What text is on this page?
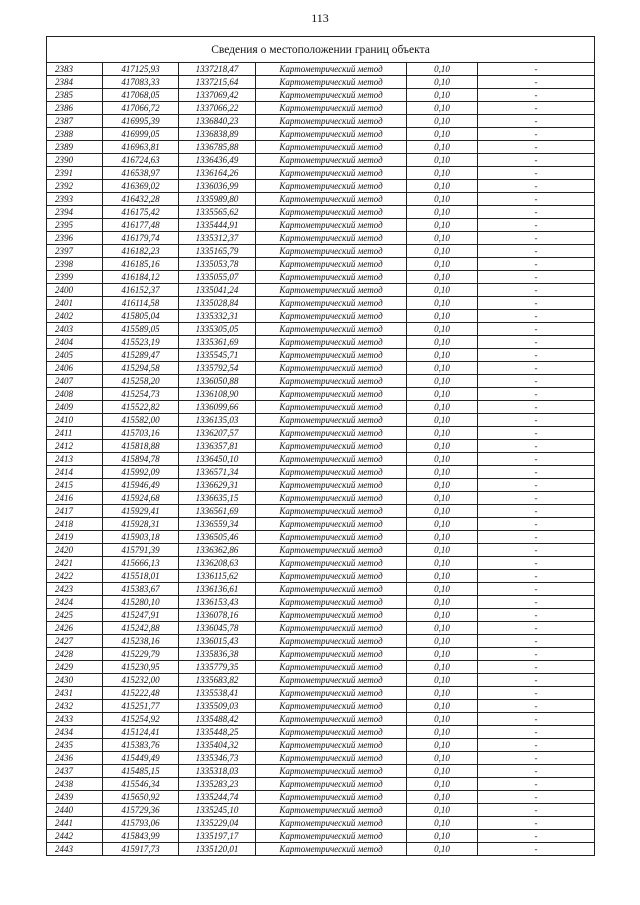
113
Сведения о местоположении границ объекта
2383	417125,93	1337218,47	Картометрический метод	0,10	-
2384	417083,33	1337215,64	Картометрический метод	0,10	-
2385	417068,05	1337069,42	Картометрический метод	0,10	-
2386	417066,72	1337066,22	Картометрический метод	0,10	-
2387	416995,39	1336840,23	Картометрический метод	0,10	-
2388	416999,05	1336838,89	Картометрический метод	0,10	-
2389	416963,81	1336785,88	Картометрический метод	0,10	-
2390	416724,63	1336436,49	Картометрический метод	0,10	-
2391	416538,97	1336164,26	Картометрический метод	0,10	-
2392	416369,02	1336036,99	Картометрический метод	0,10	-
2393	416432,28	1335989,80	Картометрический метод	0,10	-
2394	416175,42	1335565,62	Картометрический метод	0,10	-
2395	416177,48	1335444,91	Картометрический метод	0,10	-
2396	416179,74	1335312,37	Картометрический метод	0,10	-
2397	416182,23	1335165,79	Картометрический метод	0,10	-
2398	416185,16	1335053,78	Картометрический метод	0,10	-
2399	416184,12	1335055,07	Картометрический метод	0,10	-
2400	416152,37	1335041,24	Картометрический метод	0,10	-
2401	416114,58	1335028,84	Картометрический метод	0,10	-
2402	415805,04	1335332,31	Картометрический метод	0,10	-
2403	415589,05	1335305,05	Картометрический метод	0,10	-
2404	415523,19	1335361,69	Картометрический метод	0,10	-
2405	415289,47	1335545,71	Картометрический метод	0,10	-
2406	415294,58	1335792,54	Картометрический метод	0,10	-
2407	415258,20	1336050,88	Картометрический метод	0,10	-
2408	415254,73	1336108,90	Картометрический метод	0,10	-
2409	415522,82	1336099,66	Картометрический метод	0,10	-
2410	415582,00	1336135,03	Картометрический метод	0,10	-
2411	415703,16	1336207,57	Картометрический метод	0,10	-
2412	415818,88	1336357,81	Картометрический метод	0,10	-
2413	415894,78	1336450,10	Картометрический метод	0,10	-
2414	415992,09	1336571,34	Картометрический метод	0,10	-
2415	415946,49	1336629,31	Картометрический метод	0,10	-
2416	415924,68	1336635,15	Картометрический метод	0,10	-
2417	415929,41	1336561,69	Картометрический метод	0,10	-
2418	415928,31	1336559,34	Картометрический метод	0,10	-
2419	415903,18	1336505,46	Картометрический метод	0,10	-
2420	415791,39	1336362,86	Картометрический метод	0,10	-
2421	415666,13	1336208,63	Картометрический метод	0,10	-
2422	415518,01	1336115,62	Картометрический метод	0,10	-
2423	415383,67	1336136,61	Картометрический метод	0,10	-
2424	415280,10	1336153,43	Картометрический метод	0,10	-
2425	415247,91	1336078,16	Картометрический метод	0,10	-
2426	415242,88	1336045,78	Картометрический метод	0,10	-
2427	415238,16	1336015,43	Картометрический метод	0,10	-
2428	415229,79	1335836,38	Картометрический метод	0,10	-
2429	415230,95	1335779,35	Картометрический метод	0,10	-
2430	415232,00	1335683,82	Картометрический метод	0,10	-
2431	415222,48	1335538,41	Картометрический метод	0,10	-
2432	415251,77	1335509,03	Картометрический метод	0,10	-
2433	415254,92	1335488,42	Картометрический метод	0,10	-
2434	415124,41	1335448,25	Картометрический метод	0,10	-
2435	415383,76	1335404,32	Картометрический метод	0,10	-
2436	415449,49	1335346,73	Картометрический метод	0,10	-
2437	415485,15	1335318,03	Картометрический метод	0,10	-
2438	415546,34	1335283,23	Картометрический метод	0,10	-
2439	415650,92	1335244,74	Картометрический метод	0,10	-
2440	415729,36	1335245,10	Картометрический метод	0,10	-
2441	415793,06	1335229,04	Картометрический метод	0,10	-
2442	415843,99	1335197,17	Картометрический метод	0,10	-
2443	415917,73	1335120,01	Картометрический метод	0,10	-
